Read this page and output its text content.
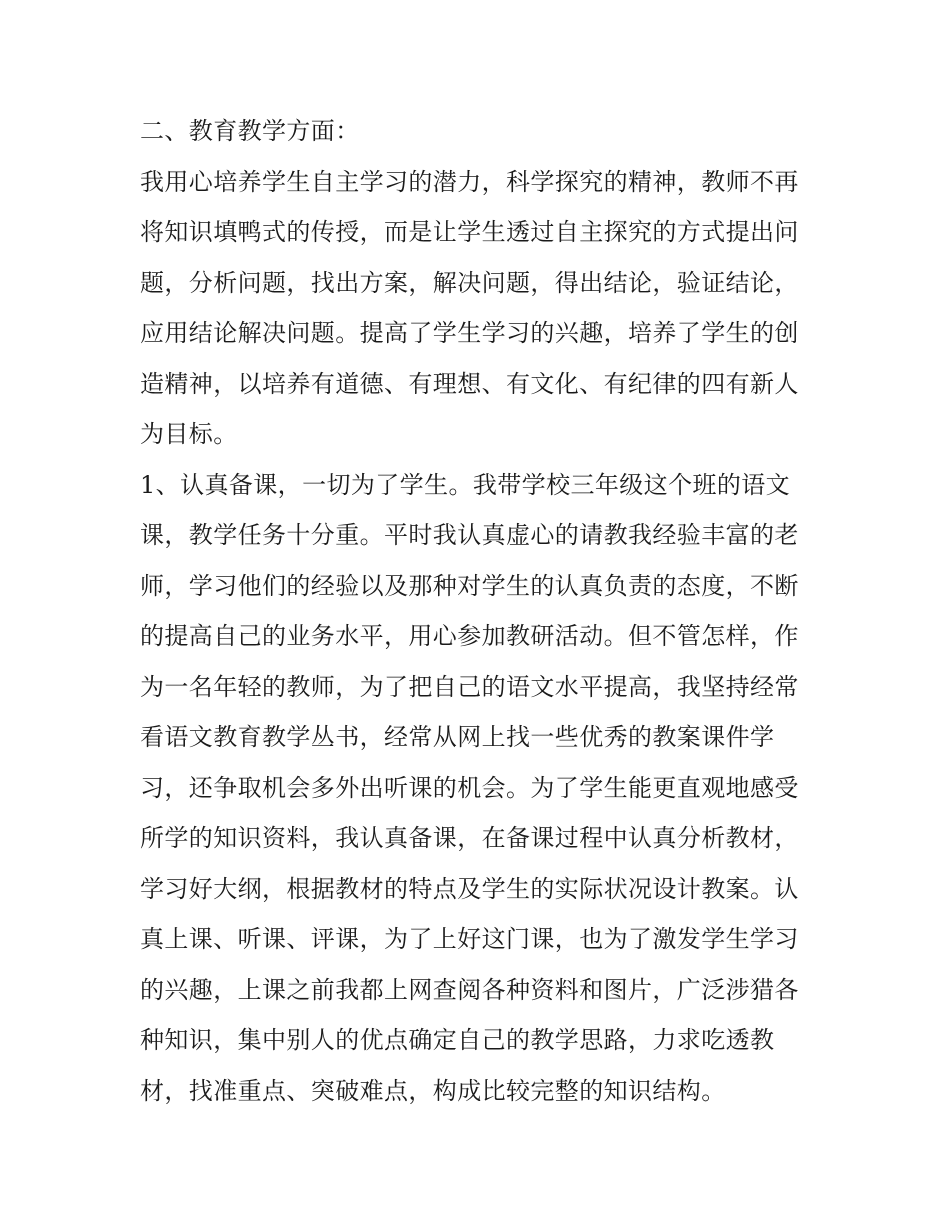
二、教育教学方面：
我用心培养学生自主学习的潜力，科学探究的精神，教师不再
将知识填鸭式的传授，而是让学生透过自主探究的方式提出问
题，分析问题，找出方案，解决问题，得出结论，验证结论，
应用结论解决问题。提高了学生学习的兴趣，培养了学生的创
造精神，以培养有道德、有理想、有文化、有纪律的四有新人
为目标。
1、认真备课，一切为了学生。我带学校三年级这个班的语文
课，教学任务十分重。平时我认真虚心的请教我经验丰富的老
师，学习他们的经验以及那种对学生的认真负责的态度，不断
的提高自己的业务水平，用心参加教研活动。但不管怎样，作
为一名年轻的教师，为了把自己的语文水平提高，我坚持经常
看语文教育教学丛书，经常从网上找一些优秀的教案课件学
习，还争取机会多外出听课的机会。为了学生能更直观地感受
所学的知识资料，我认真备课，在备课过程中认真分析教材，
学习好大纲，根据教材的特点及学生的实际状况设计教案。认
真上课、听课、评课，为了上好这门课，也为了激发学生学习
的兴趣，上课之前我都上网查阅各种资料和图片，广泛涉猎各
种知识，集中别人的优点确定自己的教学思路，力求吃透教
材，找准重点、突破难点，构成比较完整的知识结构。
